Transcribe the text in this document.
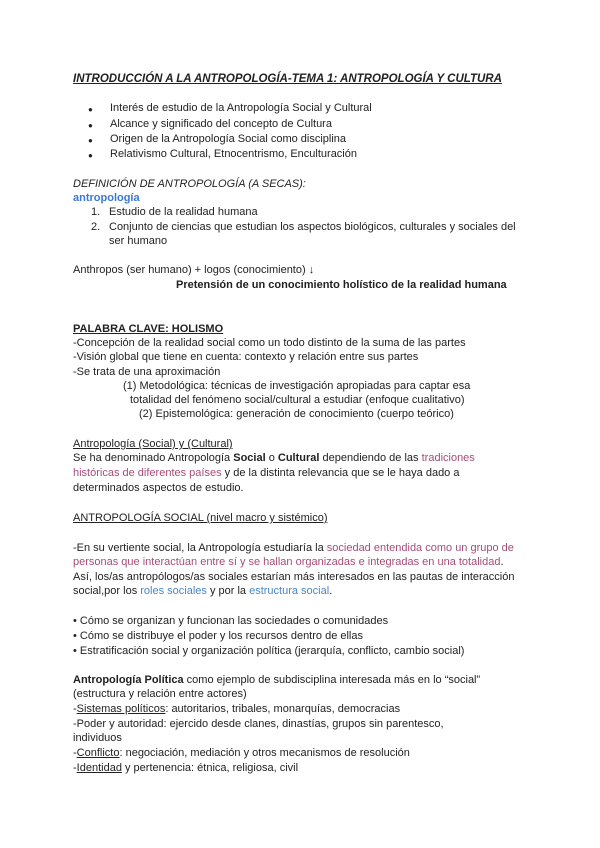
INTRODUCCIÓN A LA ANTROPOLOGÍA-TEMA 1: ANTROPOLOGÍA Y CULTURA
● Interés de estudio de la Antropología Social y Cultural
● Alcance y significado del concepto de Cultura
● Origen de la Antropología Social como disciplina
● Relativismo Cultural, Etnocentrismo, Enculturación
DEFINICIÓN DE ANTROPOLOGÍA (A SECAS):
antropología
1. Estudio de la realidad humana
2. Conjunto de ciencias que estudian los aspectos biológicos, culturales y sociales del
ser humano
Anthropos (ser humano) + logos (conocimiento) ↓
Pretensión de un conocimiento holístico de la realidad humana
PALABRA CLAVE: HOLISMO
-Concepción de la realidad social como un todo distinto de la suma de las partes
-Visión global que tiene en cuenta: contexto y relación entre sus partes
-Se trata de una aproximación
(1) Metodológica: técnicas de investigación apropiadas para captar esa
totalidad del fenómeno social/cultural a estudiar (enfoque cualitativo)
(2) Epistemológica: generación de conocimiento (cuerpo teórico)
Antropología (Social) y (Cultural)
Se ha denominado Antropología Social o Cultural dependiendo de las tradiciones
históricas de diferentes países y de la distinta relevancia que se le haya dado a
determinados aspectos de estudio.
ANTROPOLOGÍA SOCIAL (nivel macro y sistémico)
-En su vertiente social, la Antropología estudiaría la sociedad entendida como un grupo de
personas que interactúan entre sí y se hallan organizadas e integradas en una totalidad.
Así, los/as antropólogos/as sociales estarían más interesados en las pautas de interacción
social,por los roles sociales y por la estructura social.
• Cómo se organizan y funcionan las sociedades o comunidades
• Cómo se distribuye el poder y los recursos dentro de ellas
• Estratificación social y organización política (jerarquía, conflicto, cambio social)
Antropología Política como ejemplo de subdisciplina interesada más en lo “social”
(estructura y relación entre actores)
-Sistemas políticos: autoritarios, tribales, monarquías, democracias
-Poder y autoridad: ejercido desde clanes, dinastías, grupos sin parentesco,
individuos
-Conflicto: negociación, mediación y otros mecanismos de resolución
-Identidad y pertenencia: étnica, religiosa, civil
